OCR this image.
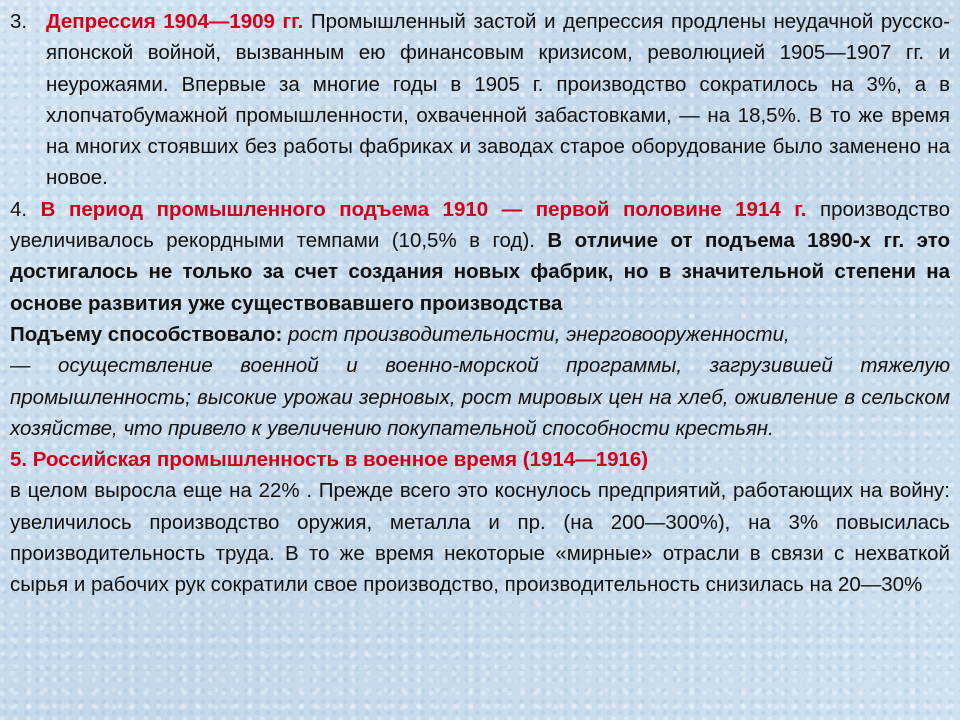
3. Депрессия 1904—1909 гг. Промышленный застой и депрессия продлены неудачной русско-японской войной, вызванным ею финансовым кризисом, революцией 1905—1907 гг. и неурожаями. Впервые за многие годы в 1905 г. производство сократилось на 3%, а в хлопчатобумажной промышленности, охваченной забастовками, — на 18,5%. В то же время на многих стоявших без работы фабриках и заводах старое оборудование было заменено на новое.

4. В период промышленного подъема 1910 — первой половине 1914 г. производство увеличивалось рекордными темпами (10,5% в год). В отличие от подъема 1890-х гг. это достигалось не только за счет создания новых фабрик, но в значительной степени на основе развития уже существовавшего производства

Подъему способствовало: рост производительности, энерговооруженности,

— осуществление военной и военно-морской программы, загрузившей тяжелую промышленность; высокие урожаи зерновых, рост мировых цен на хлеб, оживление в сельском хозяйстве, что привело к увеличению покупательной способности крестьян.

5. Российская промышленность в военное время (1914—1916)

в целом выросла еще на 22% . Прежде всего это коснулось предприятий, работающих на войну: увеличилось производство оружия, металла и пр. (на 200—300%), на 3% повысилась производительность труда. В то же время некоторые «мирные» отрасли в связи с нехваткой сырья и рабочих рук сократили свое производство, производительность снизилась на 20—30%
